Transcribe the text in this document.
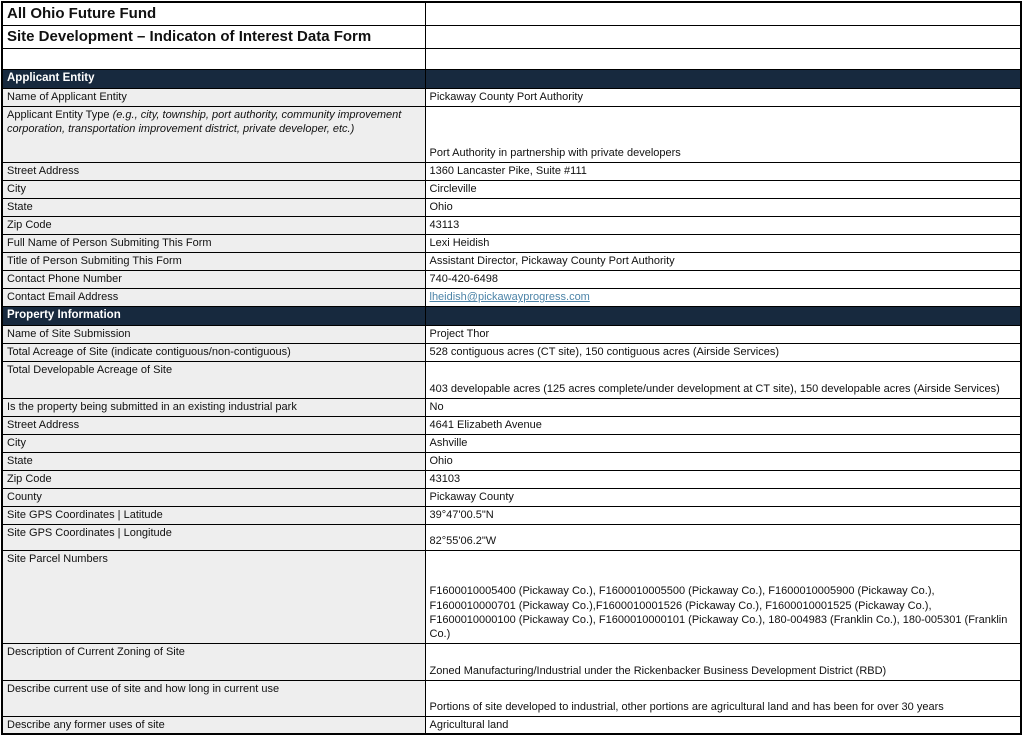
All Ohio Future Fund	
Site Development – Indicaton of Interest Data Form	

Applicant Entity	
Name of Applicant Entity	Pickaway County Port Authority
Applicant Entity Type (e.g., city, township, port authority, community improvement corporation, transportation improvement district, private developer, etc.)	Port Authority in partnership with private developers
Street Address	1360 Lancaster Pike, Suite #111
City	Circleville
State	Ohio
Zip Code	43113
Full Name of Person Submiting This Form	Lexi Heidish
Title of Person Submiting This Form	Assistant Director, Pickaway County Port Authority
Contact Phone Number	740-420-6498
Contact Email Address	lheidish@pickawayprogress.com
Property Information	
Name of Site Submission	Project Thor
Total Acreage of Site (indicate contiguous/non-contiguous)	528 contiguous acres (CT site), 150 contiguous acres (Airside Services)
Total Developable Acreage of Site	403 developable acres (125 acres complete/under development at CT site), 150 developable acres (Airside Services)
Is the property being submitted in an existing industrial park	No
Street Address	4641 Elizabeth Avenue
City	Ashville
State	Ohio
Zip Code	43103
County	Pickaway County
Site GPS Coordinates | Latitude	39°47'00.5"N
Site GPS Coordinates | Longitude	82°55'06.2"W
Site Parcel Numbers	F1600010005400 (Pickaway Co.), F1600010005500 (Pickaway Co.), F1600010005900 (Pickaway Co.), F1600010000701 (Pickaway Co.),F1600010001526 (Pickaway Co.), F1600010001525 (Pickaway Co.), F1600010000100 (Pickaway Co.), F1600010000101 (Pickaway Co.), 180-004983 (Franklin Co.), 180-005301 (Franklin Co.)
Description of Current Zoning of Site	Zoned Manufacturing/Industrial under the Rickenbacker Business Development District (RBD)
Describe current use of site and how long in current use	Portions of site developed to industrial, other portions are agricultural land and has been for over 30 years
Describe any former uses of site	Agricultural land
